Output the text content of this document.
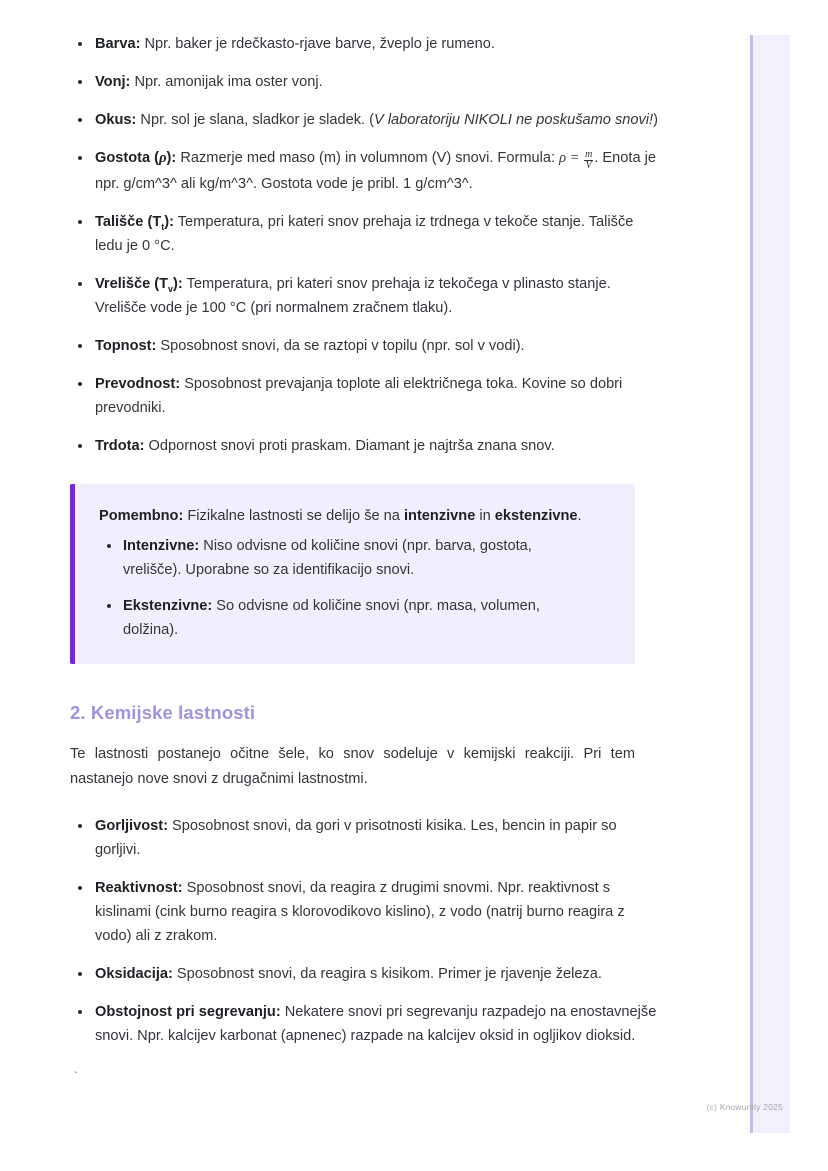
Barva: Npr. baker je rdečkasto-rjave barve, žveplo je rumeno.
Vonj: Npr. amonijak ima oster vonj.
Okus: Npr. sol je slana, sladkor je sladek. (V laboratoriju NIKOLI ne poskušamo snovi!)
Gostota (ρ): Razmerje med maso (m) in volumnom (V) snovi. Formula: $\rho = \frac{m}{V}$ . Enota je npr. g/cm^3^ ali kg/m^3^. Gostota vode je pribl. 1 g/cm^3^.
Tališče $(T_t)$: Temperatura, pri kateri snov prehaja iz trdnega v tekoče stanje. Tališče ledu je 0 °C.
Vrelišče $(T_v)$: Temperatura, pri kateri snov prehaja iz tekočega v plinasto stanje. Vrelišče vode je 100 °C (pri normalnem zračnem tlaku).
Topnost: Sposobnost snovi, da se raztopi v topilu (npr. sol v vodi).
Prevodnost: Sposobnost prevajanja toplote ali električnega toka. Kovine so dobri prevodniki.
Trdota: Odpornost snovi proti praskam. Diamant je najtrša znana snov.

Pomembno: Fizikalne lastnosti se delijo še na intenzivne in ekstenzivne.

Intenzivne: Niso odvisne od količine snovi (npr. barva, gostota, vrelišče). Uporabne so za identifikacijo snovi.
Ekstenzivne: So odvisne od količine snovi (npr. masa, volumen, dolžina).
2. Kemijske lastnosti

Te lastnosti postanejo očitne šele, ko snov sodeluje v kemijski reakciji. Pri tem nastanejo nove snovi z drugačnimi lastnostmi.

Gorljivost: Sposobnost snovi, da gori v prisotnosti kisika. Les, bencin in papir so gorljivi.
Reaktivnost: Sposobnost snovi, da reagira z drugimi snovmi. Npr. reaktivnost s kislinami (cink burno reagira s klorovodikovo kislino), z vodo (natrij burno reagira z vodo) ali z zrakom.
Oksidacija: Sposobnost snovi, da reagira s kisikom. Primer je rjavenje železa.
Obstojnost pri segrevanju: Nekatere snovi pri segrevanju razpadejo na enostavnejše snovi. Npr. kalcijev karbonat (apnenec) razpade na kalcijev oksid in ogljikov dioksid.
`
(c) Knowunity 2025
